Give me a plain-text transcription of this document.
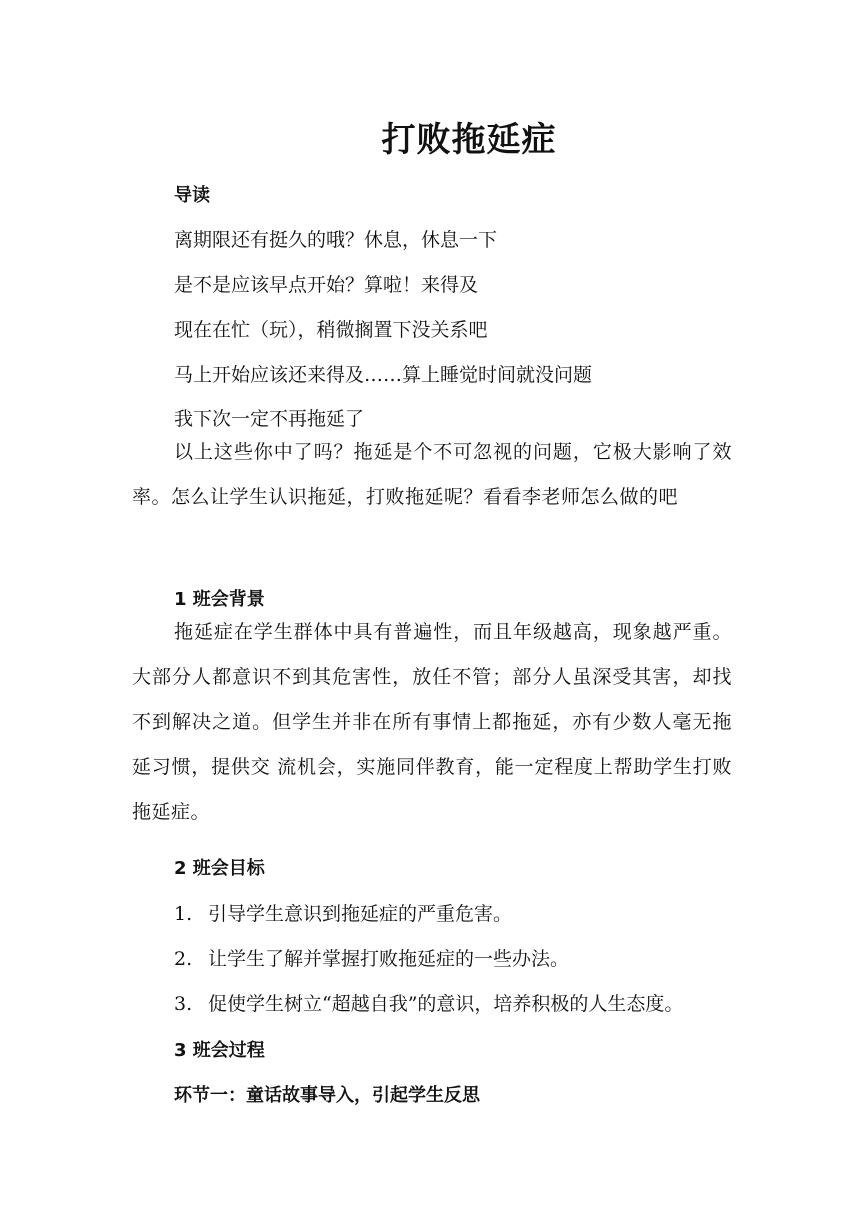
打败拖延症
导读
离期限还有挺久的哦？休息，休息一下
是不是应该早点开始？算啦！来得及
现在在忙（玩），稍微搁置下没关系吧
马上开始应该还来得及……算上睡觉时间就没问题
我下次一定不再拖延了
以上这些你中了吗？拖延是个不可忽视的问题，它极大影响了效率。怎么让学生认识拖延，打败拖延呢？看看李老师怎么做的吧
1 班会背景
拖延症在学生群体中具有普遍性，而且年级越高，现象越严重。大部分人都意识不到其危害性，放任不管；部分人虽深受其害，却找不到解决之道。但学生并非在所有事情上都拖延，亦有少数人毫无拖延习惯，提供交 流机会，实施同伴教育，能一定程度上帮助学生打败拖延症。
2 班会目标
1. 引导学生意识到拖延症的严重危害。
2. 让学生了解并掌握打败拖延症的一些办法。
3. 促使学生树立“超越自我”的意识，培养积极的人生态度。
3 班会过程
环节一：童话故事导入，引起学生反思
